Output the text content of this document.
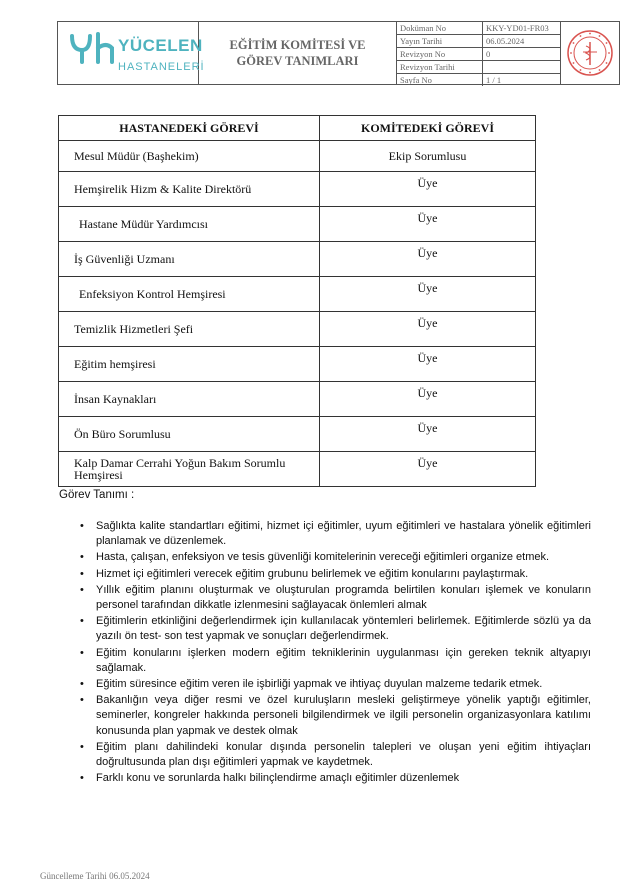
YÜCELEN
HASTANELERİ
EĞİTİM KOMİTESİ VE GÖREV TANIMLARI
Doküman No	KKY-YD01-FR03
Yayın Tarihi	06.05.2024
Revizyon No	0
Revizyon Tarihi
Sayfa No	1 / 1
HASTANEDEKİ GÖREVİ	KOMİTEDEKİ GÖREVİ
Mesul Müdür (Başhekim)	Ekip Sorumlusu
Hemşirelik Hizm & Kalite Direktörü	Üye
Hastane Müdür Yardımcısı	Üye
İş Güvenliği Uzmanı	Üye
Enfeksiyon Kontrol Hemşiresi	Üye
Temizlik Hizmetleri Şefi	Üye
Eğitim hemşiresi	Üye
İnsan Kaynakları	Üye
Ön Büro Sorumlusu	Üye

Kalp Damar Cerrahi Yoğun Bakım Sorumlu Hemşiresi	Üye
Görev Tanımı :
• Sağlıkta kalite standartları eğitimi, hizmet içi eğitimler, uyum eğitimleri ve hastalara yönelik eğitimleri planlamak ve düzenlemek.
• Hasta, çalışan, enfeksiyon ve tesis güvenliği komitelerinin vereceği eğitimleri organize etmek.
• Hizmet içi eğitimleri verecek eğitim grubunu belirlemek ve eğitim konularını paylaştırmak.
• Yıllık eğitim planını oluşturmak ve oluşturulan programda belirtilen konuları işlemek ve konuların personel tarafından dikkatle izlenmesini sağlayacak önlemleri almak
• Eğitimlerin etkinliğini değerlendirmek için kullanılacak yöntemleri belirlemek. Eğitimlerde sözlü ya da yazılı ön test- son test yapmak ve sonuçları değerlendirmek.
• Eğitim konularını işlerken modern eğitim tekniklerinin uygulanması için gereken teknik altyapıyı sağlamak.
• Eğitim süresince eğitim veren ile işbirliği yapmak ve ihtiyaç duyulan malzeme tedarik etmek.
• Bakanlığın veya diğer resmi ve özel kuruluşların mesleki geliştirmeye yönelik yaptığı eğitimler, seminerler, kongreler hakkında personeli bilgilendirmek ve ilgili personelin organizasyonlara katılımı konusunda plan yapmak ve destek olmak
• Eğitim planı dahilindeki konular dışında personelin talepleri ve oluşan yeni eğitim ihtiyaçları doğrultusunda plan dışı eğitimleri yapmak ve kaydetmek.
• Farklı konu ve sorunlarda halkı bilinçlendirme amaçlı eğitimler düzenlemek
Güncelleme Tarihi 06.05.2024
